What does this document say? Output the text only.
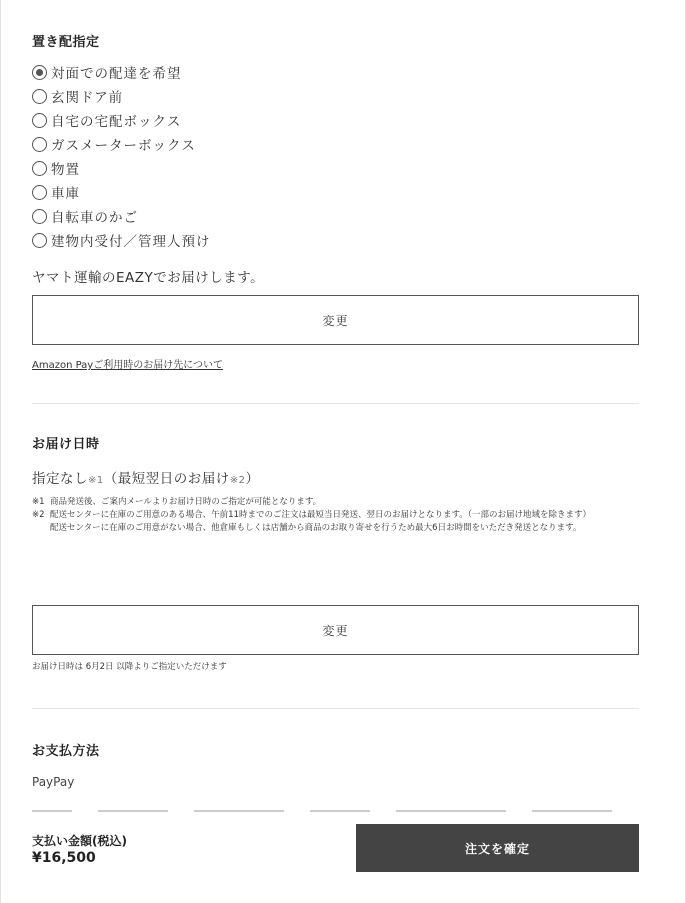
置き配指定
対面での配達を希望
玄関ドア前
自宅の宅配ボックス
ガスメーターボックス
物置
車庫
自転車のかご
建物内受付／管理人預け
ヤマト運輸のEAZYでお届けします。
変更
Amazon Payご利用時のお届け先について
お届け日時
指定なし※1（最短翌日のお届け※2）
※1 商品発送後、ご案内メールよりお届け日時のご指定が可能となります。
※2 配送センターに在庫のご用意のある場合、午前11時までのご注文は最短当日発送、翌日のお届けとなります。（一部のお届け地域を除きます）
配送センターに在庫のご用意がない場合、他倉庫もしくは店舗から商品のお取り寄せを行うため最大6日お時間をいただき発送となります。
変更
お届け日時は 6月2日 以降よりご指定いただけます
お支払方法
PayPay
支払い金額(税込)
¥16,500
注文を確定
